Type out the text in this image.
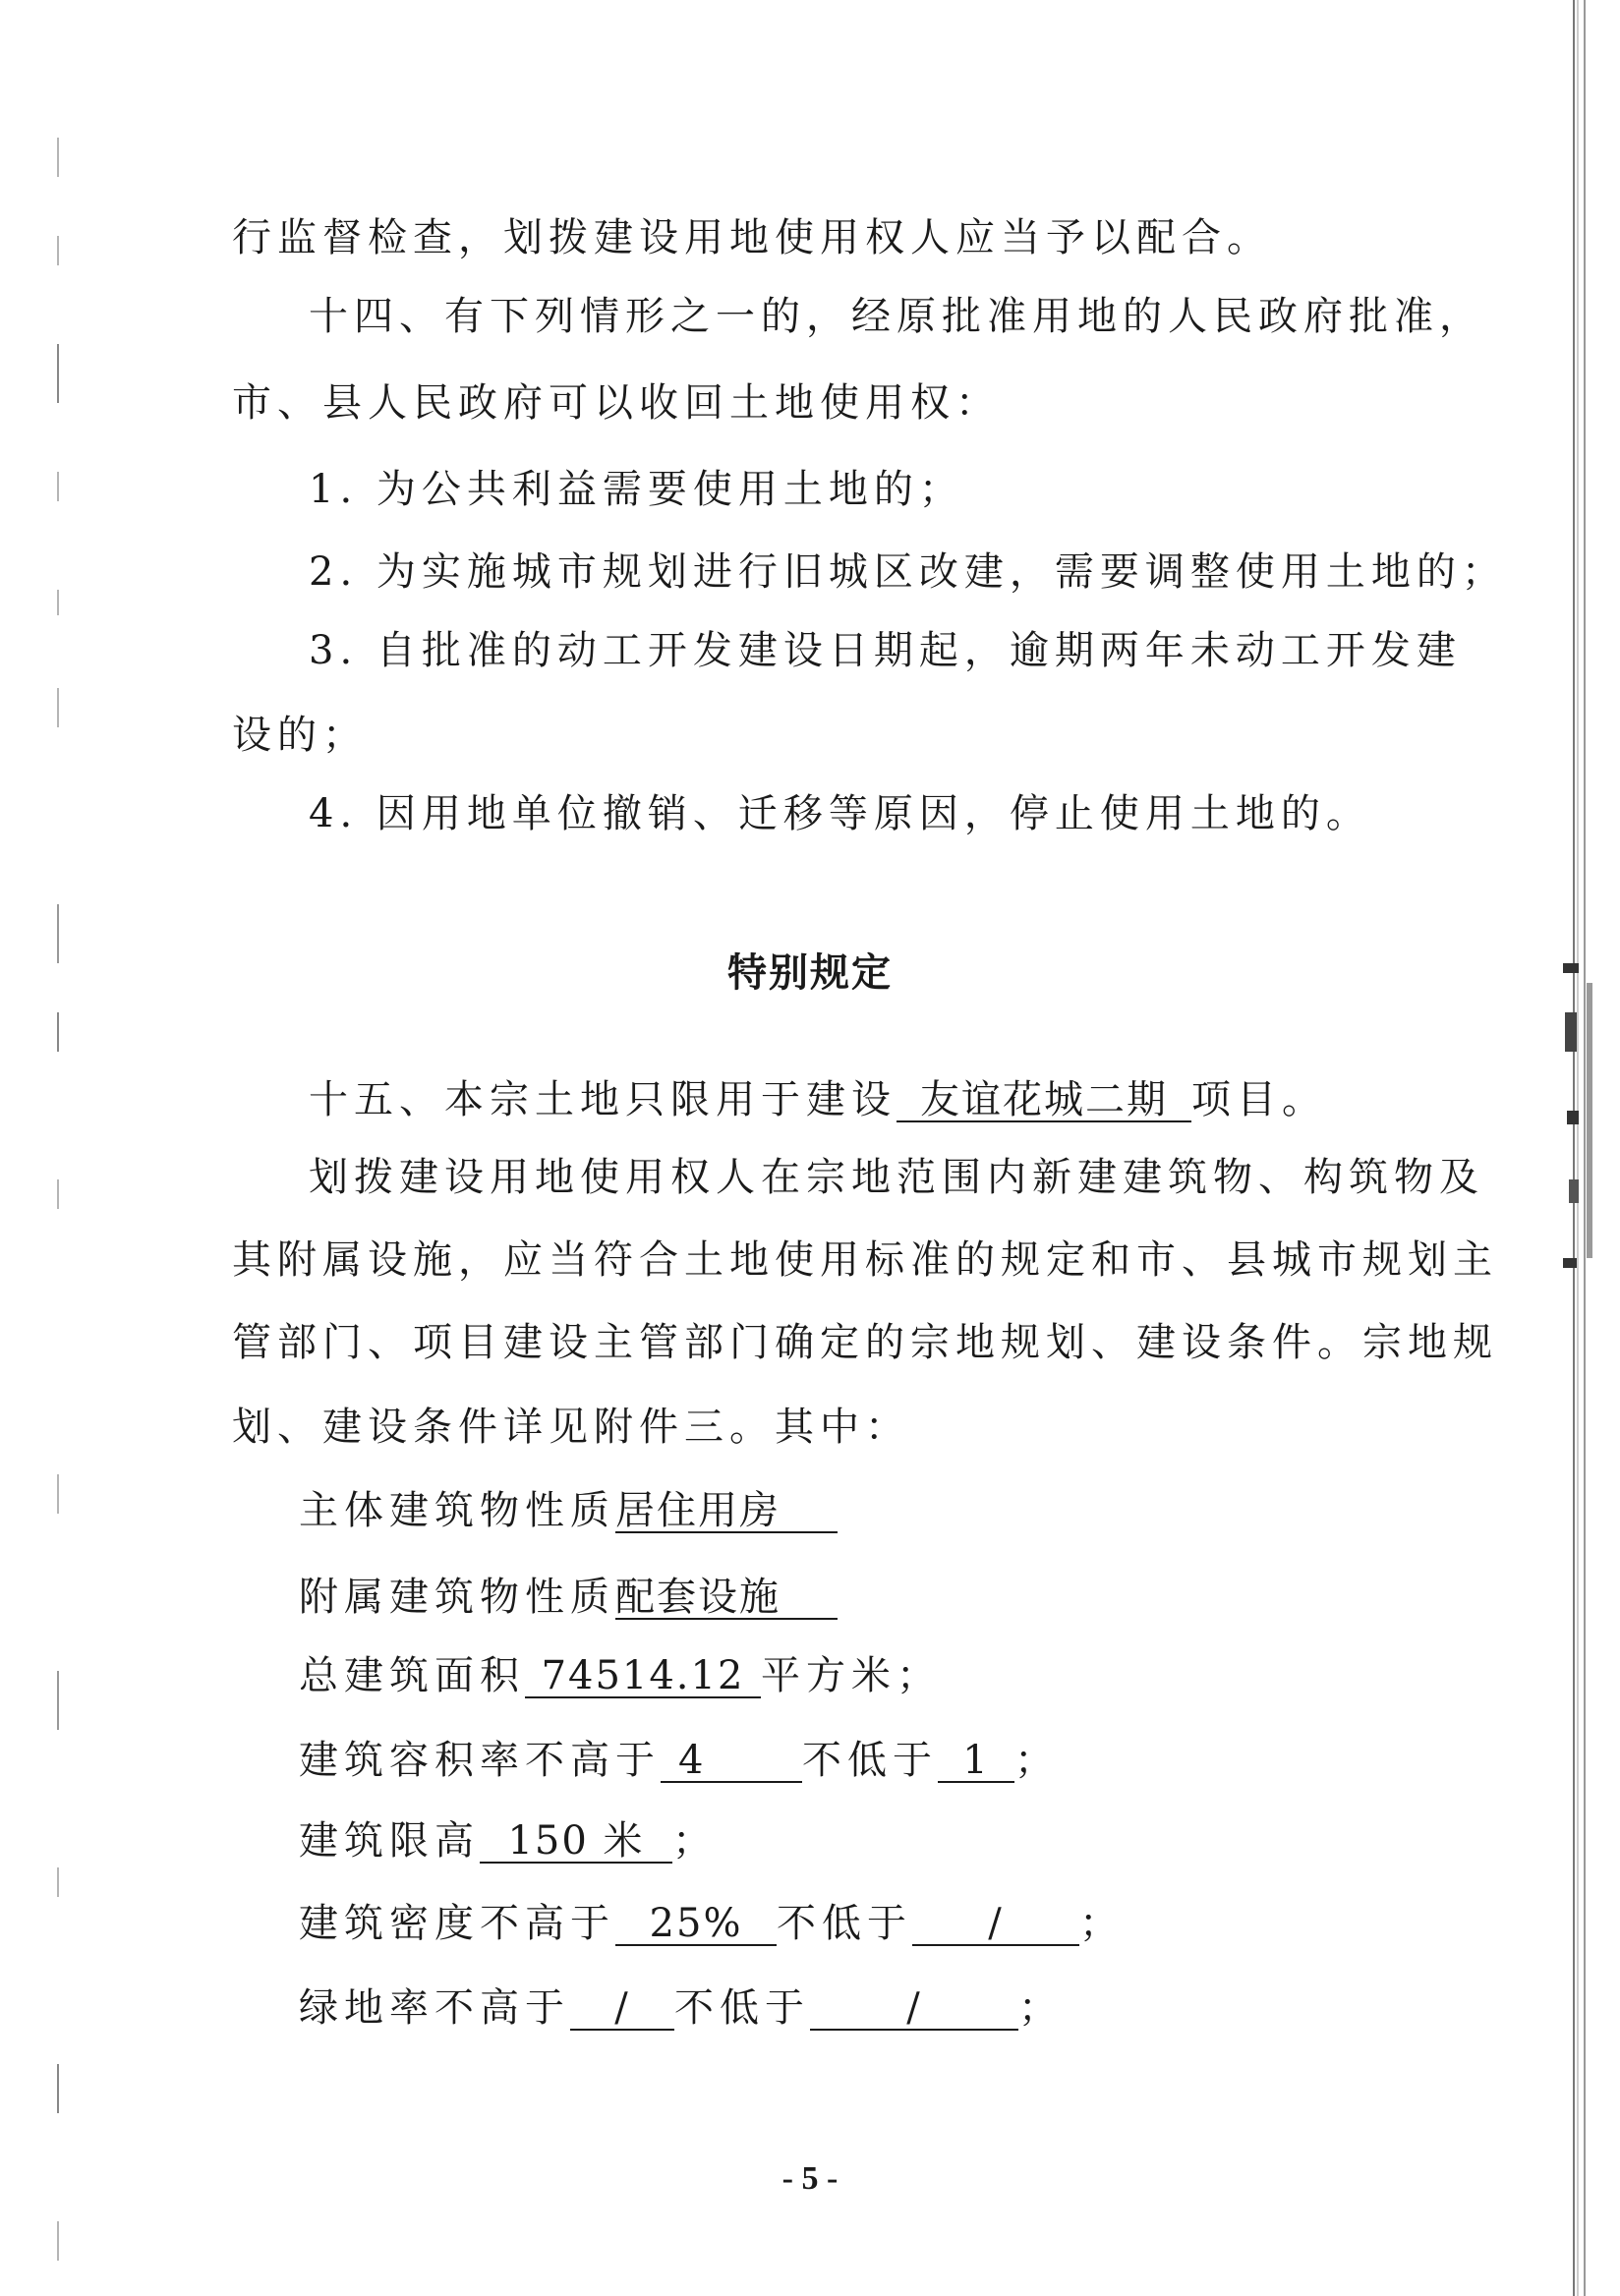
行监督检查，划拨建设用地使用权人应当予以配合。
十四、有下列情形之一的，经原批准用地的人民政府批准，
市、县人民政府可以收回土地使用权：
1. 为公共利益需要使用土地的；
2. 为实施城市规划进行旧城区改建，需要调整使用土地的；
3. 自批准的动工开发建设日期起，逾期两年未动工开发建
设的；
4. 因用地单位撤销、迁移等原因，停止使用土地的。
特别规定
十五、本宗土地只限用于建设 友谊花城二期 项目。
划拨建设用地使用权人在宗地范围内新建建筑物、构筑物及
其附属设施，应当符合土地使用标准的规定和市、县城市规划主
管部门、项目建设主管部门确定的宗地规划、建设条件。宗地规
划、建设条件详见附件三。其中：
主体建筑物性质居住用房
附属建筑物性质配套设施
总建筑面积 74514.12 平方米；
建筑容积率不高于 4 不低于 1 ；
建筑限高 150 米 ；
建筑密度不高于 25% 不低于 / ；
绿地率不高于 / 不低于 / ；
- 5 -
